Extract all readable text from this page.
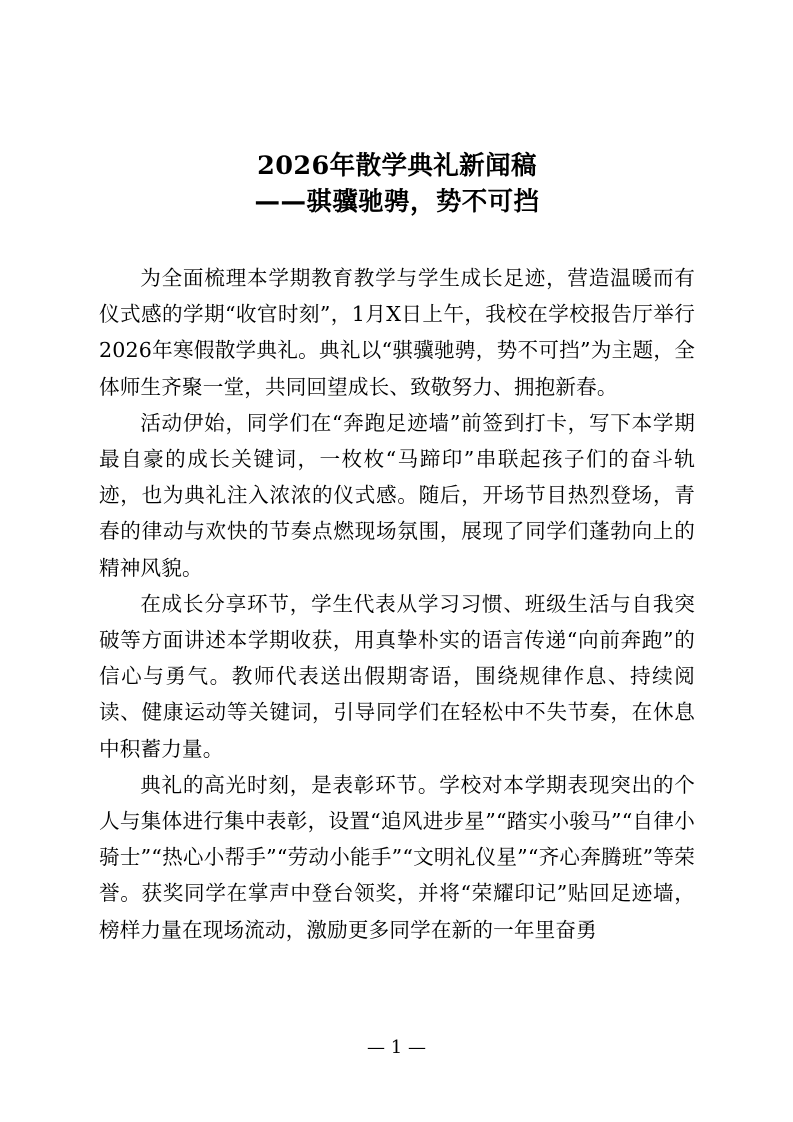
2026年散学典礼新闻稿
——骐骥驰骋，势不可挡

为全面梳理本学期教育教学与学生成长足迹，营造温暖而有仪式感的学期“收官时刻”，1月X日上午，我校在学校报告厅举行2026年寒假散学典礼。典礼以“骐骥驰骋，势不可挡”为主题，全体师生齐聚一堂，共同回望成长、致敬努力、拥抱新春。

活动伊始，同学们在“奔跑足迹墙”前签到打卡，写下本学期最自豪的成长关键词，一枚枚“马蹄印”串联起孩子们的奋斗轨迹，也为典礼注入浓浓的仪式感。随后，开场节目热烈登场，青春的律动与欢快的节奏点燃现场氛围，展现了同学们蓬勃向上的精神风貌。

在成长分享环节，学生代表从学习习惯、班级生活与自我突破等方面讲述本学期收获，用真挚朴实的语言传递“向前奔跑”的信心与勇气。教师代表送出假期寄语，围绕规律作息、持续阅读、健康运动等关键词，引导同学们在轻松中不失节奏，在休息中积蓄力量。

典礼的高光时刻，是表彰环节。学校对本学期表现突出的个人与集体进行集中表彰，设置“追风进步星”“踏实小骏马”“自律小骑士”“热心小帮手”“劳动小能手”“文明礼仪星”“齐心奔腾班”等荣誉。获奖同学在掌声中登台领奖，并将“荣耀印记”贴回足迹墙，榜样力量在现场流动，激励更多同学在新的一年里奋勇

— 1 —
